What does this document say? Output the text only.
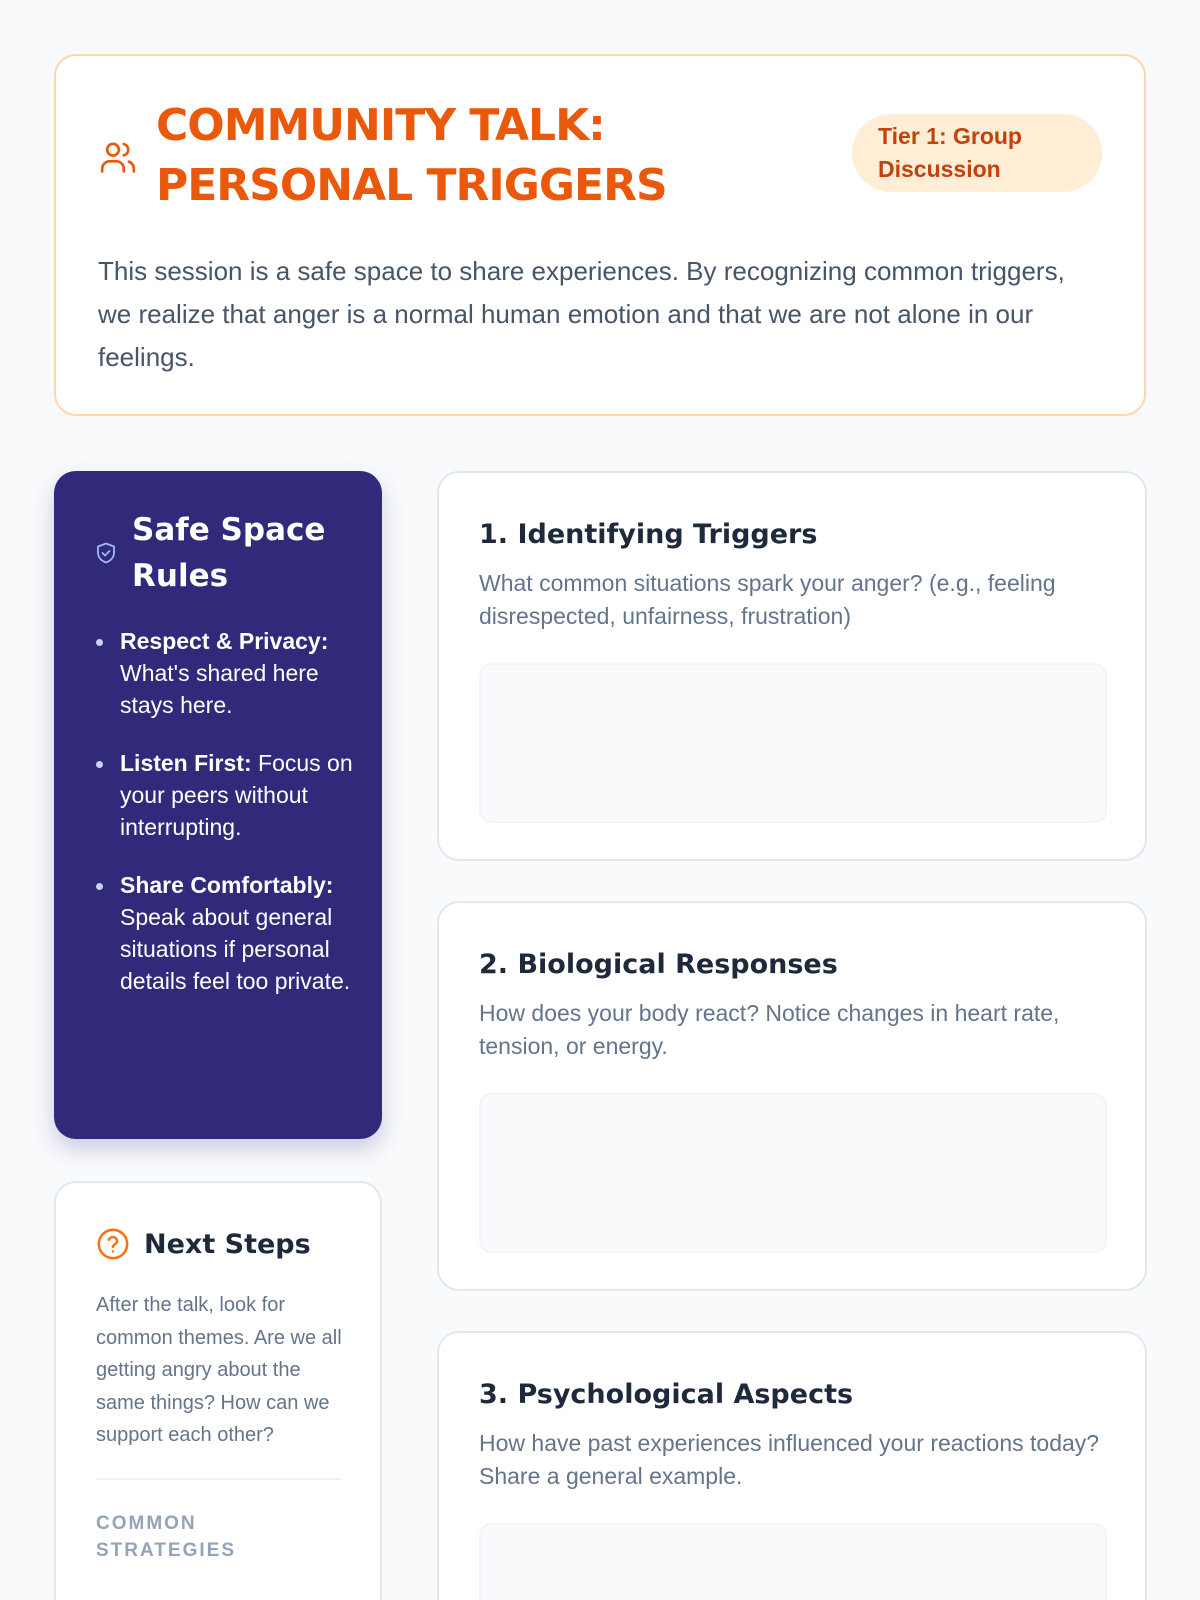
COMMUNITY TALK: PERSONAL TRIGGERS
Tier 1: Group Discussion

This session is a safe space to share experiences. By recognizing common triggers, we realize that anger is a normal human emotion and that we are not alone in our feelings.

Safe Space Rules
Respect & Privacy: What's shared here stays here.
Listen First: Focus on your peers without interrupting.
Share Comfortably: Speak about general situations if personal details feel too private.
Next Steps

After the talk, look for common themes. Are we all getting angry about the same things? How can we support each other?

COMMON STRATEGIES
1. Identifying Triggers

What common situations spark your anger? (e.g., feeling disrespected, unfairness, frustration)

2. Biological Responses

How does your body react? Notice changes in heart rate, tension, or energy.

3. Psychological Aspects

How have past experiences influenced your reactions today? Share a general example.
